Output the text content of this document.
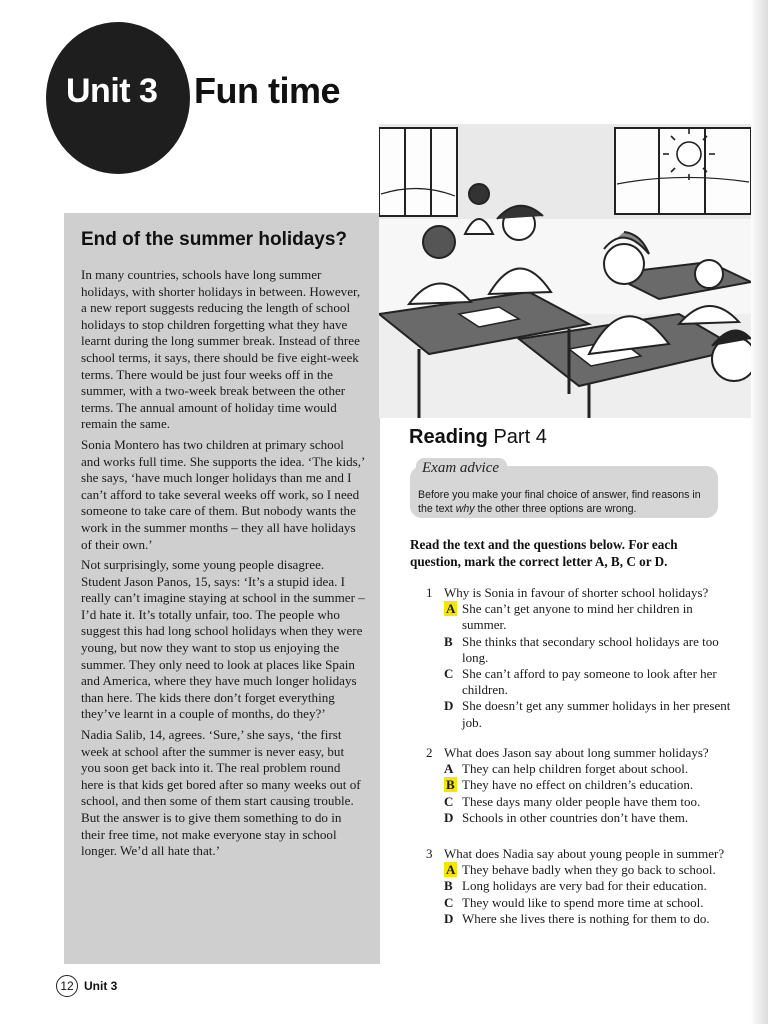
Unit 3 Fun time
End of the summer holidays?

In many countries, schools have long summer holidays, with shorter holidays in between. However, a new report suggests reducing the length of school holidays to stop children forgetting what they have learnt during the long summer break. Instead of three school terms, it says, there should be five eight-week terms. There would be just four weeks off in the summer, with a two-week break between the other terms. The annual amount of holiday time would remain the same.

Sonia Montero has two children at primary school and works full time. She supports the idea. ‘The kids,’ she says, ‘have much longer holidays than me and I can’t afford to take several weeks off work, so I need someone to take care of them. But nobody wants the work in the summer months – they all have holidays of their own.’

Not surprisingly, some young people disagree. Student Jason Panos, 15, says: ‘It’s a stupid idea. I really can’t imagine staying at school in the summer – I’d hate it. It’s totally unfair, too. The people who suggest this had long school holidays when they were young, but now they want to stop us enjoying the summer. They only need to look at places like Spain and America, where they have much longer holidays than here. The kids there don’t forget everything they’ve learnt in a couple of months, do they?’

Nadia Salib, 14, agrees. ‘Sure,’ she says, ‘the first week at school after the summer is never easy, but you soon get back into it. The real problem round here is that kids get bored after so many weeks out of school, and then some of them start causing trouble. But the answer is to give them something to do in their free time, not make everyone stay in school longer. We’d all hate that.’

Reading Part 4
Before you make your final choice of answer, find reasons in the text why the other three options are wrong.
Exam advice
Read the text and the questions below. For each question, mark the correct letter A, B, C or D.
1 Why is Sonia in favour of shorter school holidays?
A She can’t get anyone to mind her children in summer.
B She thinks that secondary school holidays are too long.
C She can’t afford to pay someone to look after her children.
D She doesn’t get any summer holidays in her present job.
2 What does Jason say about long summer holidays?
A They can help children forget about school.
B They have no effect on children’s education.
C These days many older people have them too.
D Schools in other countries don’t have them.
3 What does Nadia say about young people in summer?
A They behave badly when they go back to school.
B Long holidays are very bad for their education.
C They would like to spend more time at school.
D Where she lives there is nothing for them to do.
12 Unit 3
